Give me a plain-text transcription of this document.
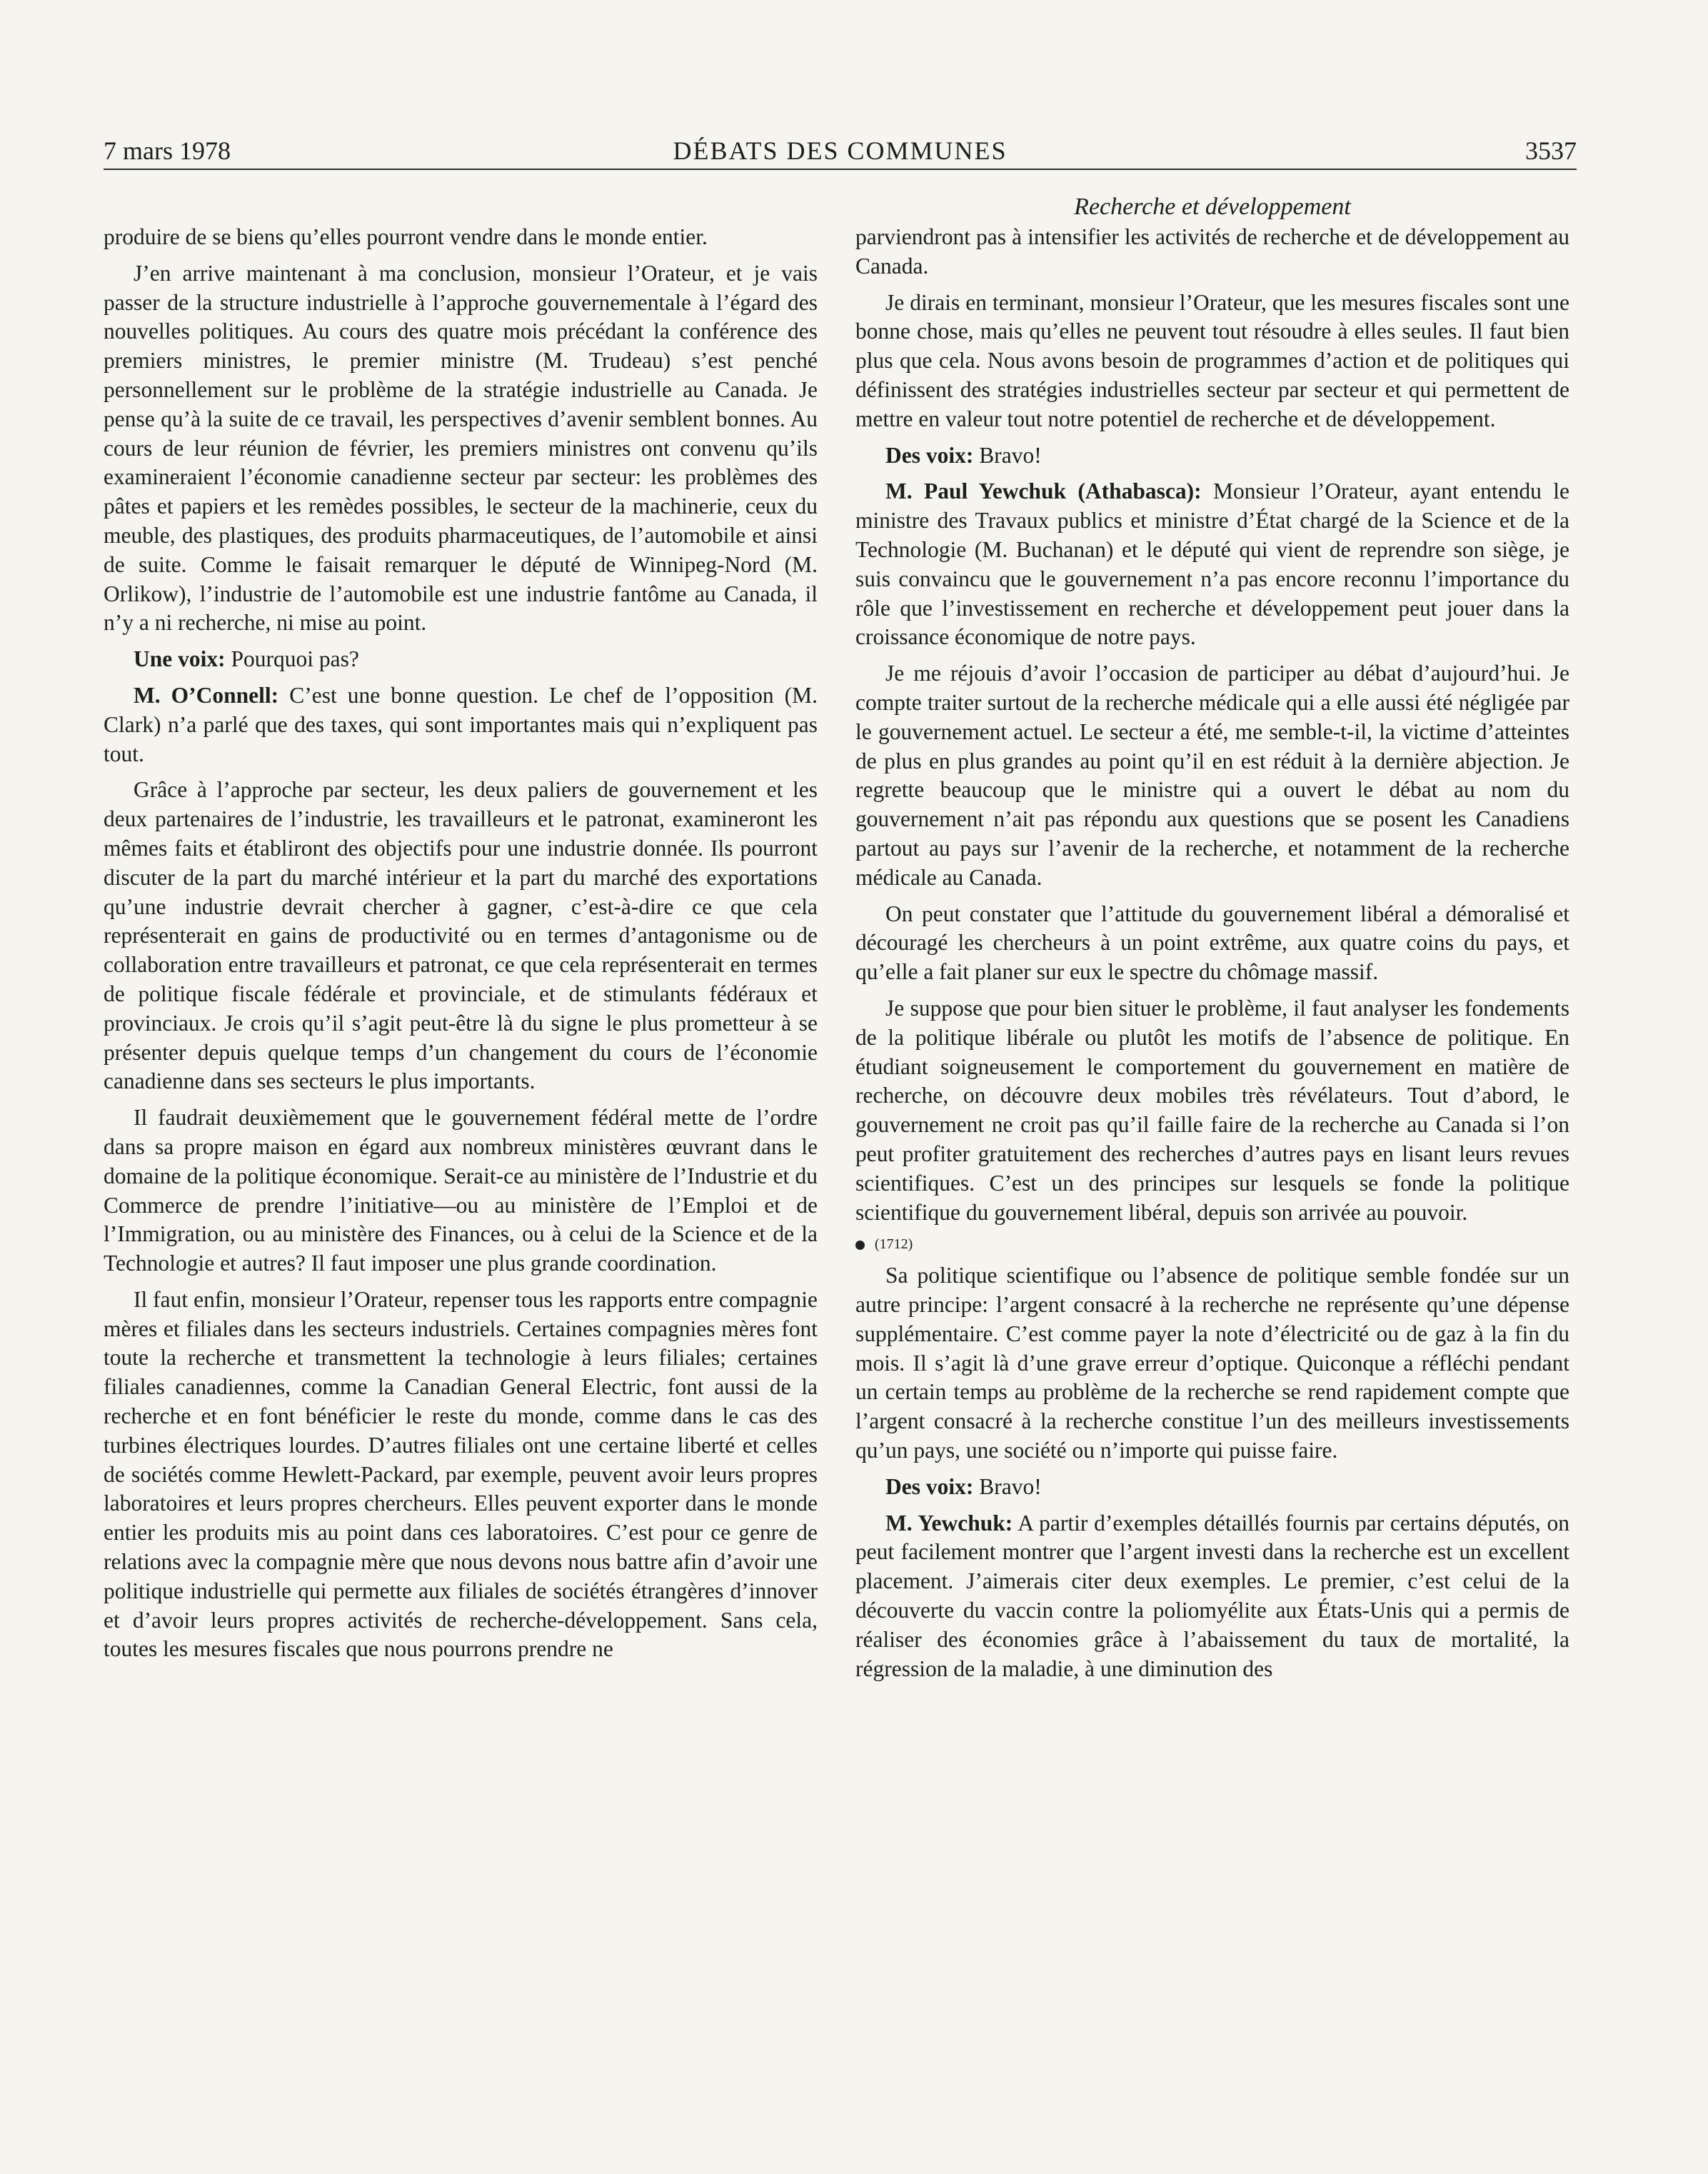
7 mars 1978	DÉBATS DES COMMUNES	3537

produire de se biens qu’elles pourront vendre dans le monde entier.

J’en arrive maintenant à ma conclusion, monsieur l’Orateur, et je vais passer de la structure industrielle à l’approche gouvernementale à l’égard des nouvelles politiques. Au cours des quatre mois précédant la conférence des premiers ministres, le premier ministre (M. Trudeau) s’est penché personnellement sur le problème de la stratégie industrielle au Canada. Je pense qu’à la suite de ce travail, les perspectives d’avenir semblent bonnes. Au cours de leur réunion de février, les premiers ministres ont convenu qu’ils examineraient l’économie canadienne secteur par secteur: les problèmes des pâtes et papiers et les remèdes possibles, le secteur de la machinerie, ceux du meuble, des plastiques, des produits pharmaceutiques, de l’automobile et ainsi de suite. Comme le faisait remarquer le député de Winnipeg-Nord (M. Orlikow), l’industrie de l’automobile est une industrie fantôme au Canada, il n’y a ni recherche, ni mise au point.

Une voix: Pourquoi pas?

M. O’Connell: C’est une bonne question. Le chef de l’opposition (M. Clark) n’a parlé que des taxes, qui sont importantes mais qui n’expliquent pas tout.

Grâce à l’approche par secteur, les deux paliers de gouvernement et les deux partenaires de l’industrie, les travailleurs et le patronat, examineront les mêmes faits et établiront des objectifs pour une industrie donnée. Ils pourront discuter de la part du marché intérieur et la part du marché des exportations qu’une industrie devrait chercher à gagner, c’est-à-dire ce que cela représenterait en gains de productivité ou en termes d’antagonisme ou de collaboration entre travailleurs et patronat, ce que cela représenterait en termes de politique fiscale fédérale et provinciale, et de stimulants fédéraux et provinciaux. Je crois qu’il s’agit peut-être là du signe le plus prometteur à se présenter depuis quelque temps d’un changement du cours de l’économie canadienne dans ses secteurs le plus importants.

Il faudrait deuxièmement que le gouvernement fédéral mette de l’ordre dans sa propre maison en égard aux nombreux ministères œuvrant dans le domaine de la politique économique. Serait-ce au ministère de l’Industrie et du Commerce de prendre l’initiative—ou au ministère de l’Emploi et de l’Immigration, ou au ministère des Finances, ou à celui de la Science et de la Technologie et autres? Il faut imposer une plus grande coordination.

Il faut enfin, monsieur l’Orateur, repenser tous les rapports entre compagnie mères et filiales dans les secteurs industriels. Certaines compagnies mères font toute la recherche et transmettent la technologie à leurs filiales; certaines filiales canadiennes, comme la Canadian General Electric, font aussi de la recherche et en font bénéficier le reste du monde, comme dans le cas des turbines électriques lourdes. D’autres filiales ont une certaine liberté et celles de sociétés comme Hewlett-Packard, par exemple, peuvent avoir leurs propres laboratoires et leurs propres chercheurs. Elles peuvent exporter dans le monde entier les produits mis au point dans ces laboratoires. C’est pour ce genre de relations avec la compagnie mère que nous devons nous battre afin d’avoir une politique industrielle qui permette aux filiales de sociétés étrangères d’innover et d’avoir leurs propres activités de recherche-développement. Sans cela, toutes les mesures fiscales que nous pourrons prendre ne

Recherche et développement

parviendront pas à intensifier les activités de recherche et de développement au Canada.

Je dirais en terminant, monsieur l’Orateur, que les mesures fiscales sont une bonne chose, mais qu’elles ne peuvent tout résoudre à elles seules. Il faut bien plus que cela. Nous avons besoin de programmes d’action et de politiques qui définissent des stratégies industrielles secteur par secteur et qui permettent de mettre en valeur tout notre potentiel de recherche et de développement.

Des voix: Bravo!

M. Paul Yewchuk (Athabasca): Monsieur l’Orateur, ayant entendu le ministre des Travaux publics et ministre d’État chargé de la Science et de la Technologie (M. Buchanan) et le député qui vient de reprendre son siège, je suis convaincu que le gouvernement n’a pas encore reconnu l’importance du rôle que l’investissement en recherche et développement peut jouer dans la croissance économique de notre pays.

Je me réjouis d’avoir l’occasion de participer au débat d’aujourd’hui. Je compte traiter surtout de la recherche médicale qui a elle aussi été négligée par le gouvernement actuel. Le secteur a été, me semble-t-il, la victime d’atteintes de plus en plus grandes au point qu’il en est réduit à la dernière abjection. Je regrette beaucoup que le ministre qui a ouvert le débat au nom du gouvernement n’ait pas répondu aux questions que se posent les Canadiens partout au pays sur l’avenir de la recherche, et notamment de la recherche médicale au Canada.

On peut constater que l’attitude du gouvernement libéral a démoralisé et découragé les chercheurs à un point extrême, aux quatre coins du pays, et qu’elle a fait planer sur eux le spectre du chômage massif.

Je suppose que pour bien situer le problème, il faut analyser les fondements de la politique libérale ou plutôt les motifs de l’absence de politique. En étudiant soigneusement le comportement du gouvernement en matière de recherche, on découvre deux mobiles très révélateurs. Tout d’abord, le gouvernement ne croit pas qu’il faille faire de la recherche au Canada si l’on peut profiter gratuitement des recherches d’autres pays en lisant leurs revues scientifiques. C’est un des principes sur lesquels se fonde la politique scientifique du gouvernement libéral, depuis son arrivée au pouvoir.

(1712)

Sa politique scientifique ou l’absence de politique semble fondée sur un autre principe: l’argent consacré à la recherche ne représente qu’une dépense supplémentaire. C’est comme payer la note d’électricité ou de gaz à la fin du mois. Il s’agit là d’une grave erreur d’optique. Quiconque a réfléchi pendant un certain temps au problème de la recherche se rend rapidement compte que l’argent consacré à la recherche constitue l’un des meilleurs investissements qu’un pays, une société ou n’importe qui puisse faire.

Des voix: Bravo!

M. Yewchuk: A partir d’exemples détaillés fournis par certains députés, on peut facilement montrer que l’argent investi dans la recherche est un excellent placement. J’aimerais citer deux exemples. Le premier, c’est celui de la découverte du vaccin contre la poliomyélite aux États-Unis qui a permis de réaliser des économies grâce à l’abaissement du taux de mortalité, la régression de la maladie, à une diminution des
